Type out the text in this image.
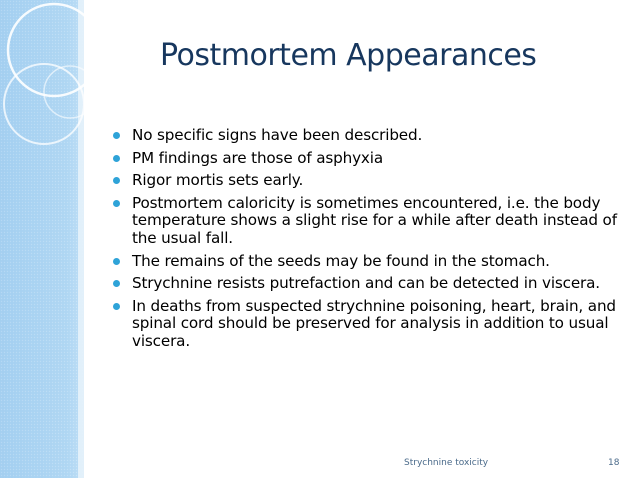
Postmortem Appearances
No specific signs have been described.
PM findings are those of asphyxia
Rigor mortis sets early.
Postmortem caloricity is sometimes encountered, i.e. the body temperature shows a slight rise for a while after death instead of the usual fall.
The remains of the seeds may be found in the stomach.
Strychnine resists putrefaction and can be detected in viscera.
In deaths from suspected strychnine poisoning, heart, brain, and spinal cord should be preserved for analysis in addition to usual viscera.
Strychnine toxicity	18
